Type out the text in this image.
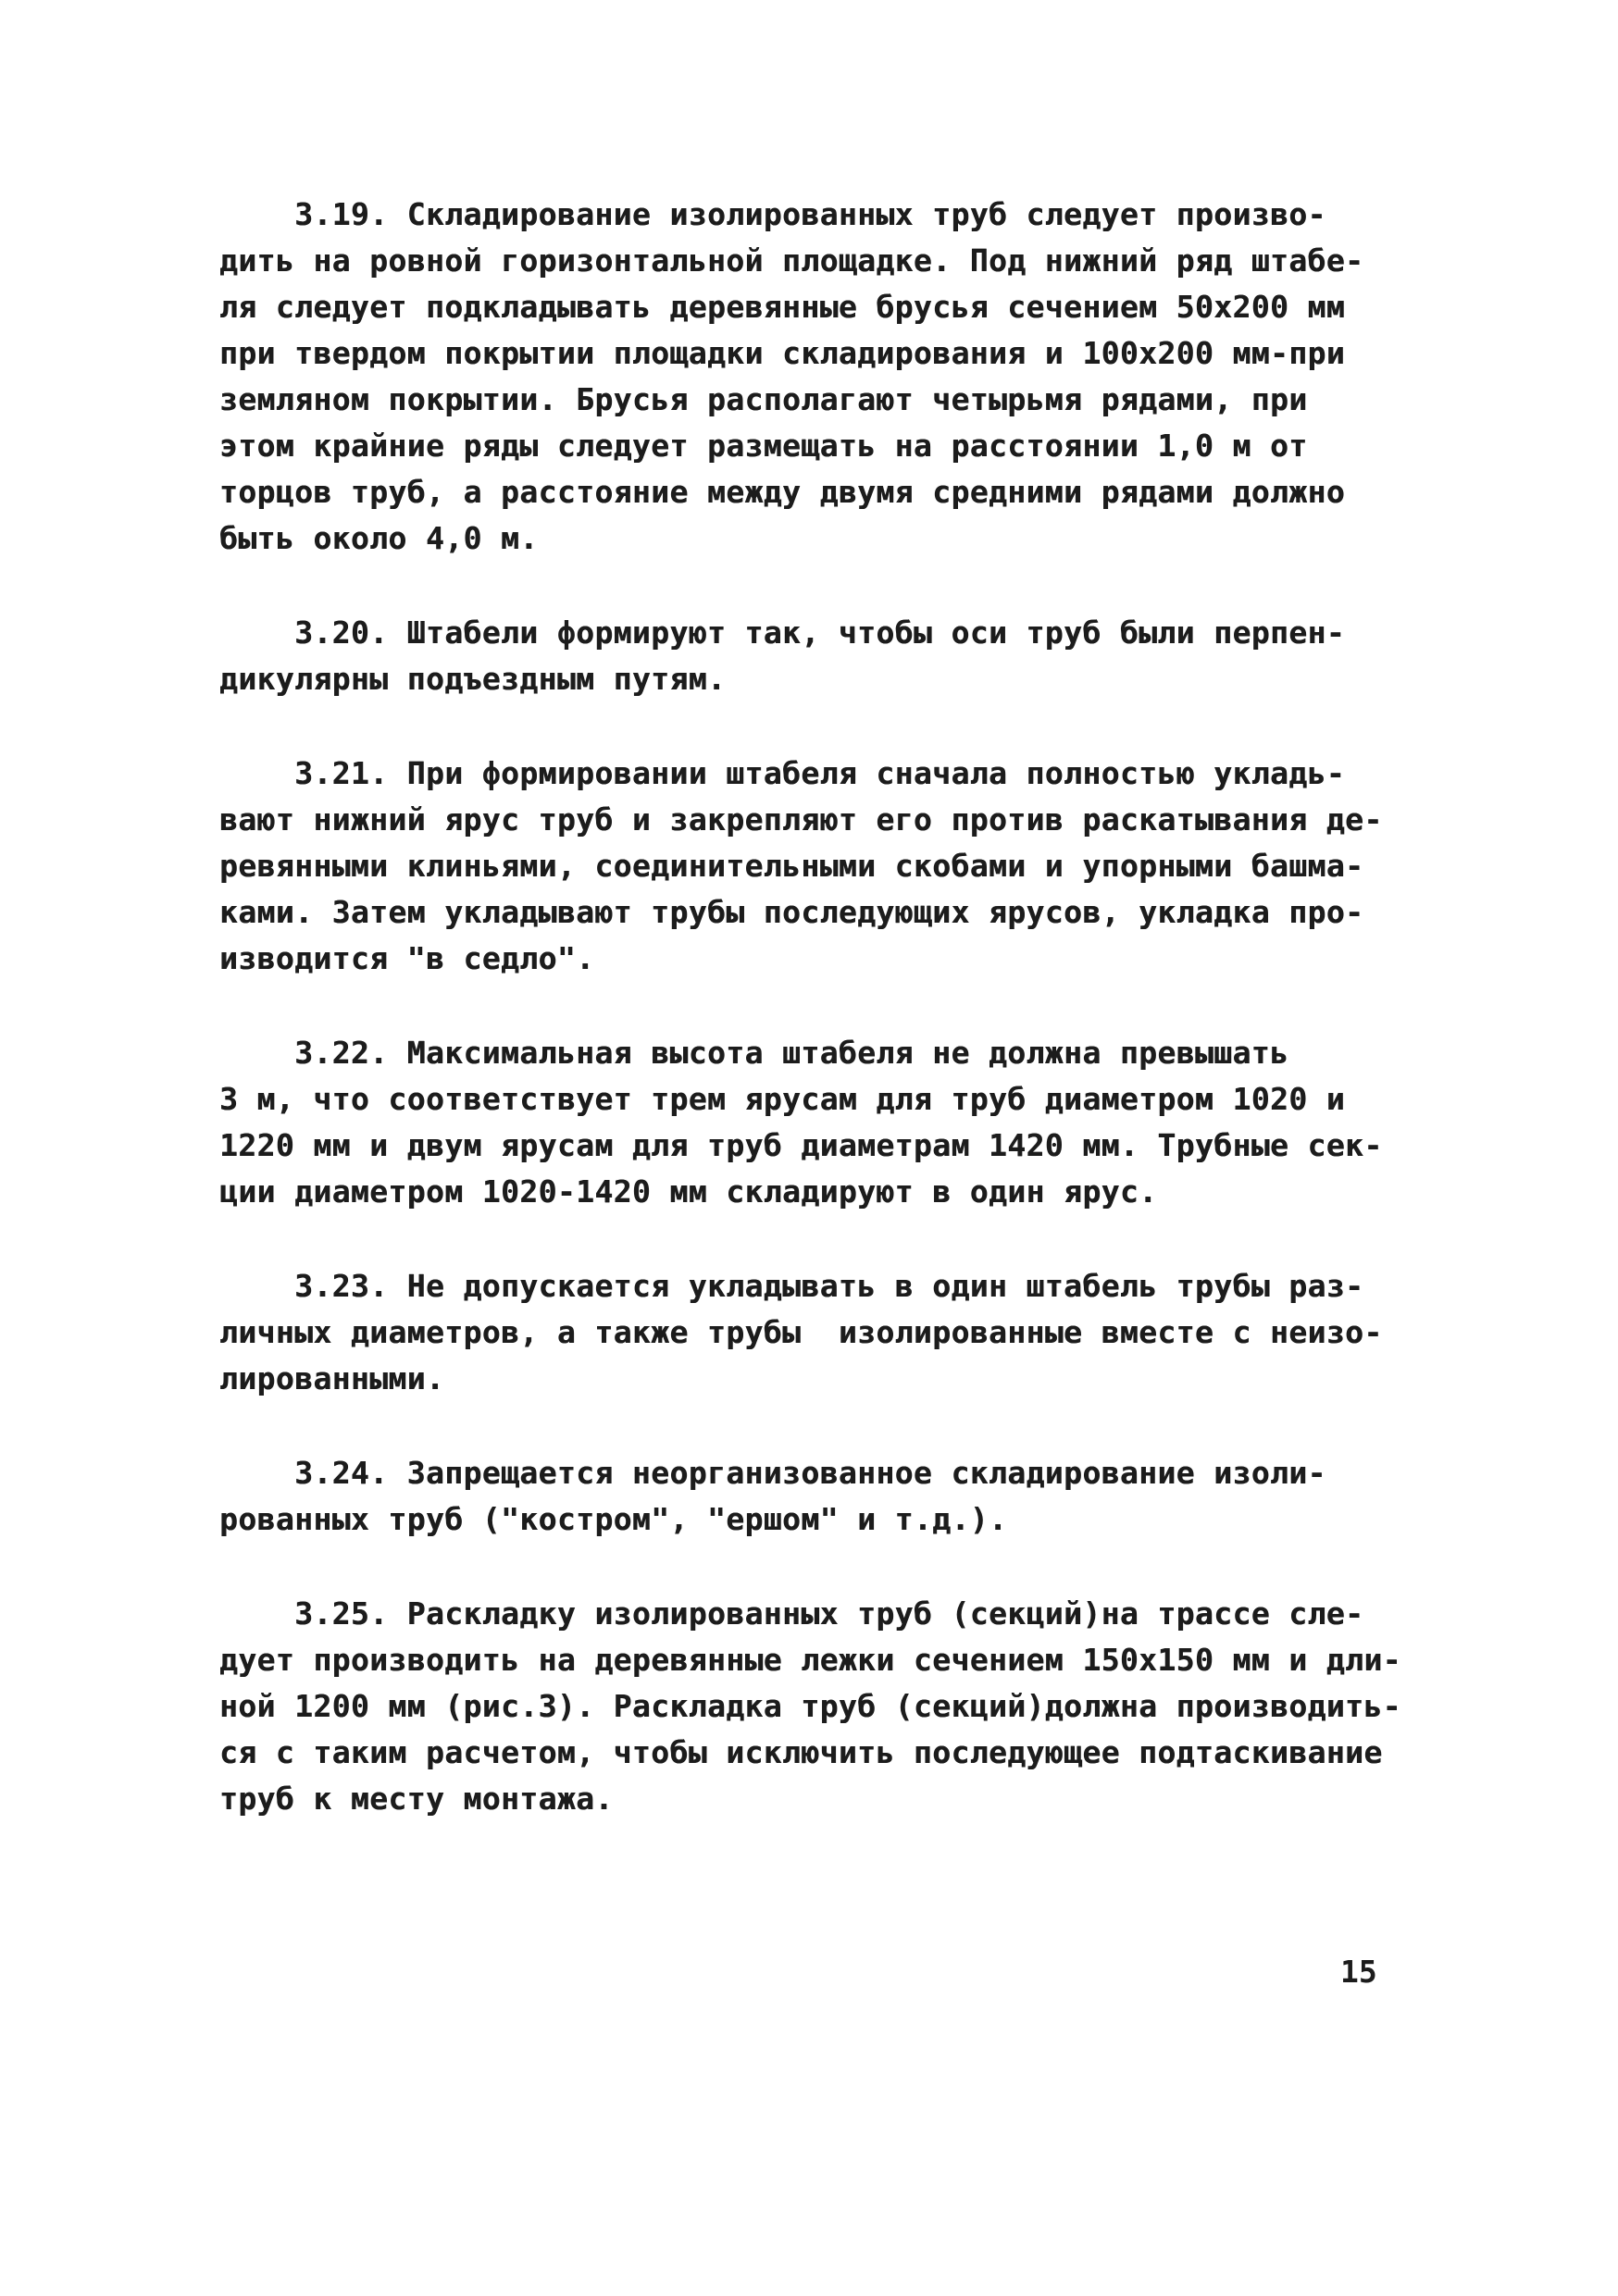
3.19. Складирование изолированных труб следует произво-
дить на ровной горизонтальной площадке. Под нижний ряд штабе-
ля следует подкладывать деревянные брусья сечением 50х200 мм
при твердом покрытии площадки складирования и 100х200 мм-при
земляном покрытии. Брусья располагают четырьмя рядами, при
этом крайние ряды следует размещать на расстоянии 1,0 м от
торцов труб, а расстояние между двумя средними рядами должно
быть около 4,0 м.

3.20. Штабели формируют так, чтобы оси труб были перпен-
дикулярны подъездным путям.

3.21. При формировании штабеля сначала полностью укладь-
вают нижний ярус труб и закрепляют его против раскатывания де-
ревянными клиньями, соединительными скобами и упорными башма-
ками. Затем укладывают трубы последующих ярусов, укладка про-
изводится "в седло".

3.22. Максимальная высота штабеля не должна превышать
3 м, что соответствует трем ярусам для труб диаметром 1020 и
1220 мм и двум ярусам для труб диаметрам 1420 мм. Трубные сек-
ции диаметром 1020-1420 мм складируют в один ярус.

3.23. Не допускается укладывать в один штабель трубы раз-
личных диаметров, а также трубы  изолированные вместе с неизо-
лированными.

3.24. Запрещается неорганизованное складирование изоли-
рованных труб ("костром", "ершом" и т.д.).

3.25. Раскладку изолированных труб (секций)на трассе сле-
дует производить на деревянные лежки сечением 150х150 мм и дли-
ной 1200 мм (рис.3). Раскладка труб (секций)должна производить-
ся с таким расчетом, чтобы исключить последующее подтаскивание
труб к месту монтажа.

15
